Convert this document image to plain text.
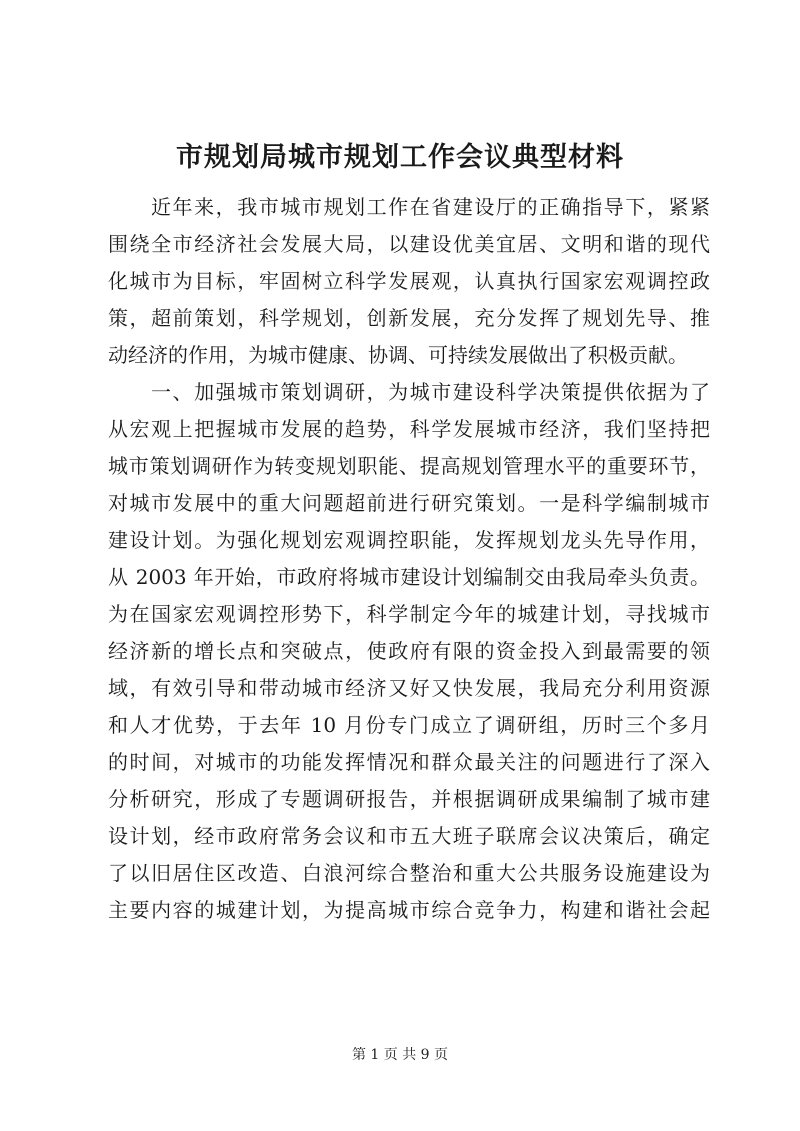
市规划局城市规划工作会议典型材料
近年来，我市城市规划工作在省建设厅的正确指导下，紧紧
围绕全市经济社会发展大局，以建设优美宜居、文明和谐的现代
化城市为目标，牢固树立科学发展观，认真执行国家宏观调控政
策，超前策划，科学规划，创新发展，充分发挥了规划先导、推
动经济的作用，为城市健康、协调、可持续发展做出了积极贡献。
一、加强城市策划调研，为城市建设科学决策提供依据为了
从宏观上把握城市发展的趋势，科学发展城市经济，我们坚持把
城市策划调研作为转变规划职能、提高规划管理水平的重要环节，
对城市发展中的重大问题超前进行研究策划。一是科学编制城市
建设计划。为强化规划宏观调控职能，发挥规划龙头先导作用，
从 2003 年开始，市政府将城市建设计划编制交由我局牵头负责。
为在国家宏观调控形势下，科学制定今年的城建计划，寻找城市
经济新的增长点和突破点，使政府有限的资金投入到最需要的领
域，有效引导和带动城市经济又好又快发展，我局充分利用资源
和人才优势，于去年 10 月份专门成立了调研组，历时三个多月
的时间，对城市的功能发挥情况和群众最关注的问题进行了深入
分析研究，形成了专题调研报告，并根据调研成果编制了城市建
设计划，经市政府常务会议和市五大班子联席会议决策后，确定
了以旧居住区改造、白浪河综合整治和重大公共服务设施建设为
主要内容的城建计划，为提高城市综合竞争力，构建和谐社会起
第 1 页 共 9 页
